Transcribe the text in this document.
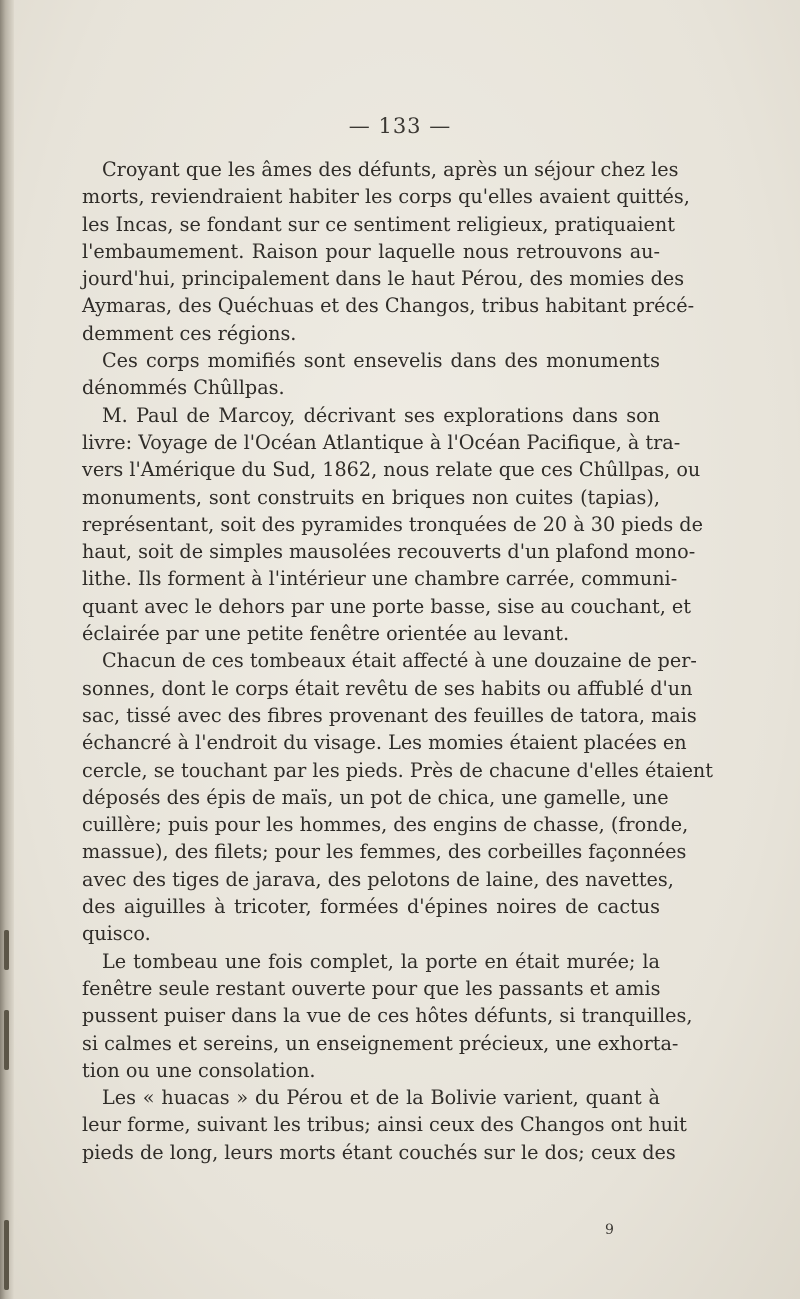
— 133 —
Croyant que les âmes des défunts, après un séjour chez les
morts, reviendraient habiter les corps qu'elles avaient quittés,
les Incas, se fondant sur ce sentiment religieux, pratiquaient
l'embaumement. Raison pour laquelle nous retrouvons au-
jourd'hui, principalement dans le haut Pérou, des momies des
Aymaras, des Quéchuas et des Changos, tribus habitant précé-
demment ces régions.
Ces corps momifiés sont ensevelis dans des monuments
dénommés Chûllpas.
M. Paul de Marcoy, décrivant ses explorations dans son
livre: Voyage de l'Océan Atlantique à l'Océan Pacifique, à tra-
vers l'Amérique du Sud, 1862, nous relate que ces Chûllpas, ou
monuments, sont construits en briques non cuites (tapias),
représentant, soit des pyramides tronquées de 20 à 30 pieds de
haut, soit de simples mausolées recouverts d'un plafond mono-
lithe. Ils forment à l'intérieur une chambre carrée, communi-
quant avec le dehors par une porte basse, sise au couchant, et
éclairée par une petite fenêtre orientée au levant.
Chacun de ces tombeaux était affecté à une douzaine de per-
sonnes, dont le corps était revêtu de ses habits ou affublé d'un
sac, tissé avec des fibres provenant des feuilles de tatora, mais
échancré à l'endroit du visage. Les momies étaient placées en
cercle, se touchant par les pieds. Près de chacune d'elles étaient
déposés des épis de maïs, un pot de chica, une gamelle, une
cuillère; puis pour les hommes, des engins de chasse, (fronde,
massue), des filets; pour les femmes, des corbeilles façonnées
avec des tiges de jarava, des pelotons de laine, des navettes,
des aiguilles à tricoter, formées d'épines noires de cactus
quisco.
Le tombeau une fois complet, la porte en était murée; la
fenêtre seule restant ouverte pour que les passants et amis
pussent puiser dans la vue de ces hôtes défunts, si tranquilles,
si calmes et sereins, un enseignement précieux, une exhorta-
tion ou une consolation.
Les « huacas » du Pérou et de la Bolivie varient, quant à
leur forme, suivant les tribus; ainsi ceux des Changos ont huit
pieds de long, leurs morts étant couchés sur le dos; ceux des
9
